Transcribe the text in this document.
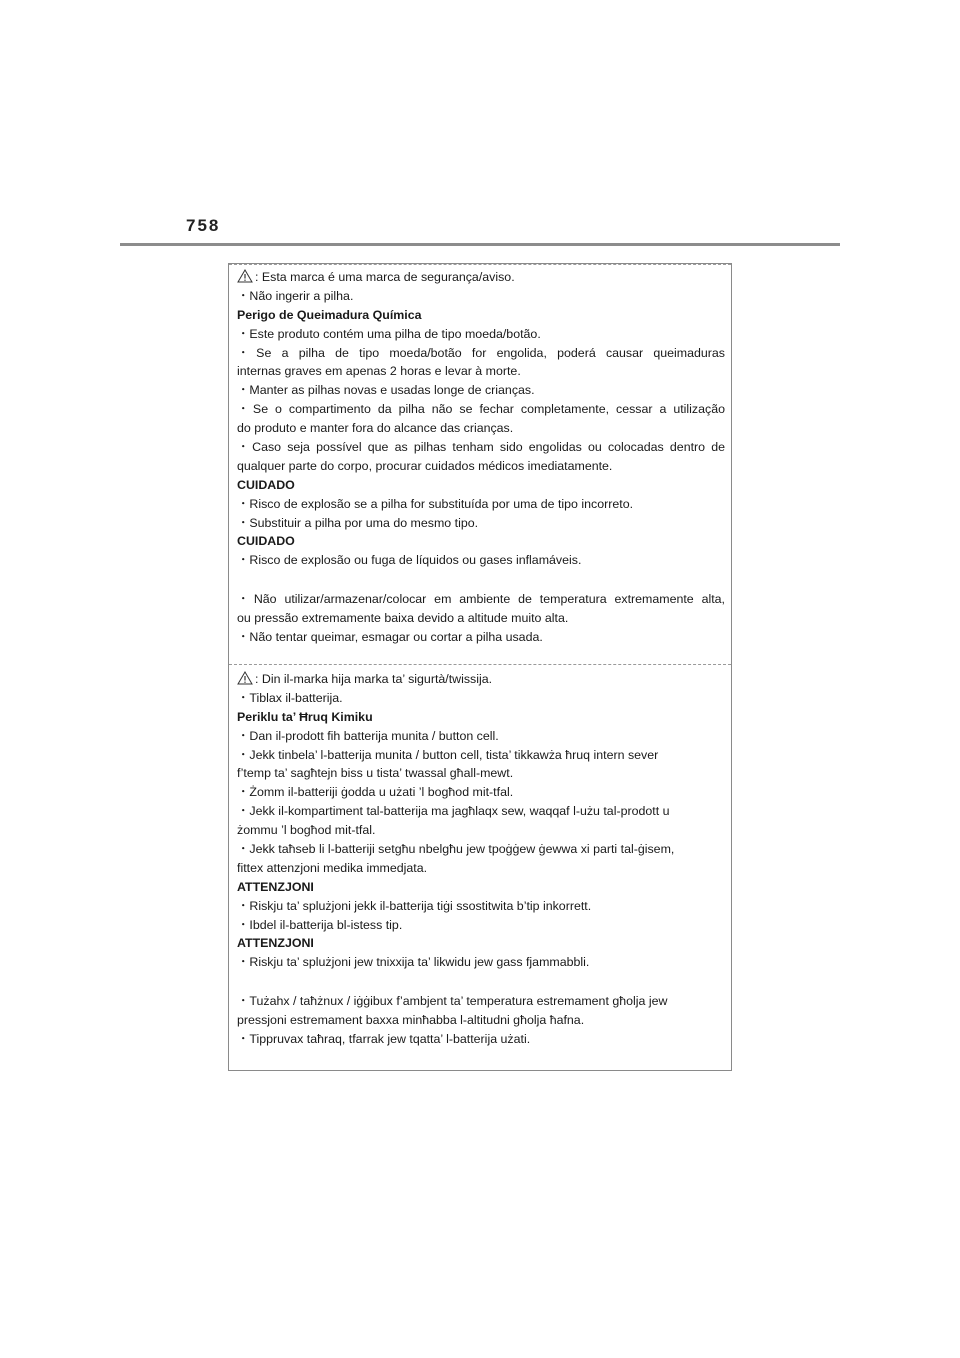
758
: Esta marca é uma marca de segurança/aviso.
・Não ingerir a pilha.
Perigo de Queimadura Química
・Este produto contém uma pilha de tipo moeda/botão.
・Se a pilha de tipo moeda/botão for engolida, poderá causar queimaduras
internas graves em apenas 2 horas e levar à morte.
・Manter as pilhas novas e usadas longe de crianças.
・Se o compartimento da pilha não se fechar completamente, cessar a utilização
do produto e manter fora do alcance das crianças.
・Caso seja possível que as pilhas tenham sido engolidas ou colocadas dentro de
qualquer parte do corpo, procurar cuidados médicos imediatamente.
CUIDADO
・Risco de explosão se a pilha for substituída por uma de tipo incorreto.
・Substituir a pilha por uma do mesmo tipo.
CUIDADO
・Risco de explosão ou fuga de líquidos ou gases inflamáveis.
・Não utilizar/armazenar/colocar em ambiente de temperatura extremamente alta,
ou pressão extremamente baixa devido a altitude muito alta.
・Não tentar queimar, esmagar ou cortar a pilha usada.
: Din il-marka hija marka ta’ sigurtà/twissija.
・Tiblax il-batterija.
Periklu ta’ Ħruq Kimiku
・Dan il-prodott fih batterija munita / button cell.
・Jekk tinbela’ l-batterija munita / button cell, tista’ tikkawża ħruq intern sever
f’temp ta’ sagħtejn biss u tista’ twassal għall-mewt.
・Żomm il-batteriji ġodda u użati ’l bogħod mit-tfal.
・Jekk il-kompartiment tal-batterija ma jagħlaqx sew, waqqaf l-użu tal-prodott u
żommu ’l bogħod mit-tfal.
・Jekk taħseb li l-batteriji setgħu nbelgħu jew tpoġġew ġewwa xi parti tal-ġisem,
fittex attenzjoni medika immedjata.
ATTENZJONI
・Riskju ta’ splużjoni jekk il-batterija tiġi ssostitwita b’tip inkorrett.
・Ibdel il-batterija bl-istess tip.
ATTENZJONI
・Riskju ta’ splużjoni jew tnixxija ta’ likwidu jew gass fjammabbli.
・Tużahx / taħżnux / iġġibux f’ambjent ta’ temperatura estremament għolja jew
pressjoni estremament baxxa minħabba l-altitudni għolja ħafna.
・Tippruvax taħraq, tfarrak jew tqatta’ l-batterija użati.
